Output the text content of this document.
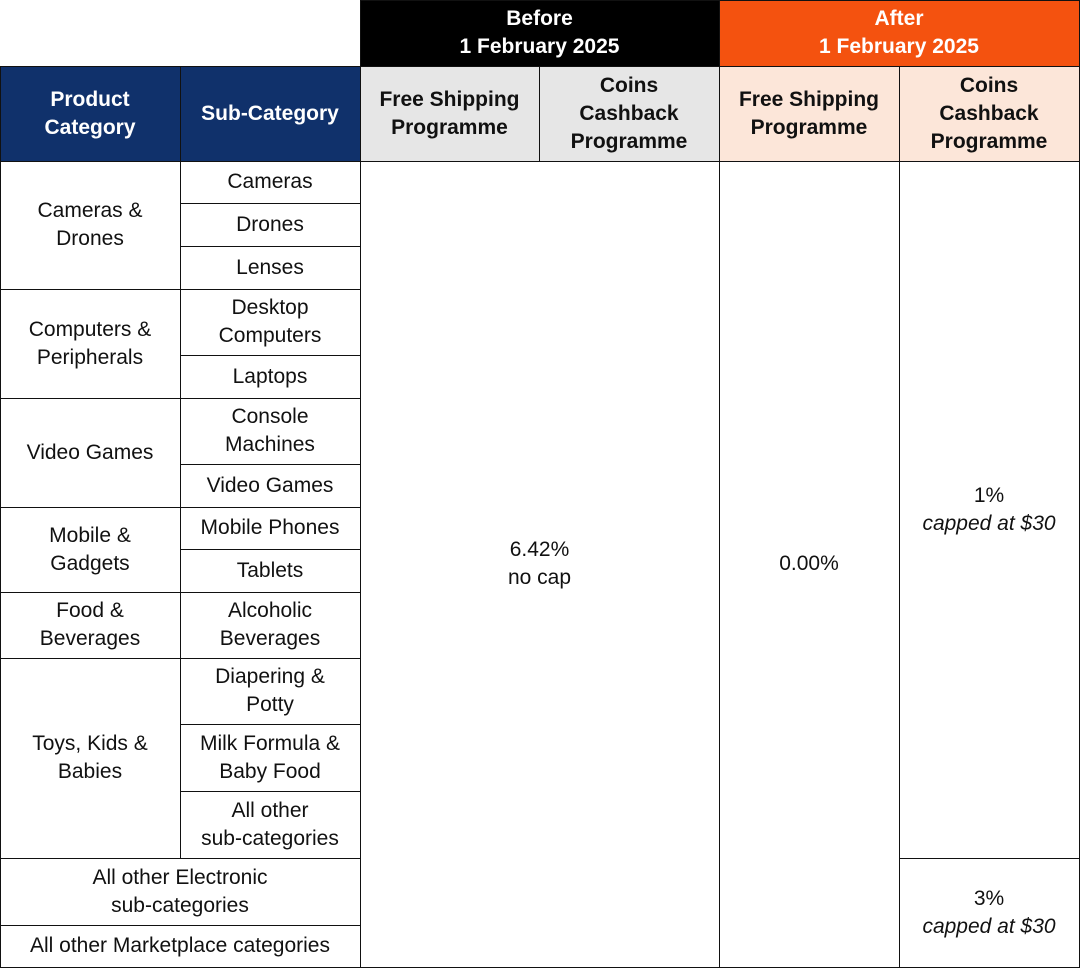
Before
1 February 2025
After
1 February 2025
Product
Category
Sub-Category
Free Shipping
Programme
Coins
Cashback
Programme
Free Shipping
Programme
Coins
Cashback
Programme
Cameras &
Drones
Computers &
Peripherals
Video Games
Mobile &
Gadgets
Food &
Beverages
Toys, Kids &
Babies
All other Electronic
sub-categories
All other Marketplace categories
Cameras
Drones
Lenses
Desktop
Computers
Laptops
Console
Machines
Video Games
Mobile Phones
Tablets
Alcoholic
Beverages
Diapering &
Potty
Milk Formula &
Baby Food
All other
sub-categories
6.42%
no cap
0.00%
1%
capped at $30
3%
capped at $30
